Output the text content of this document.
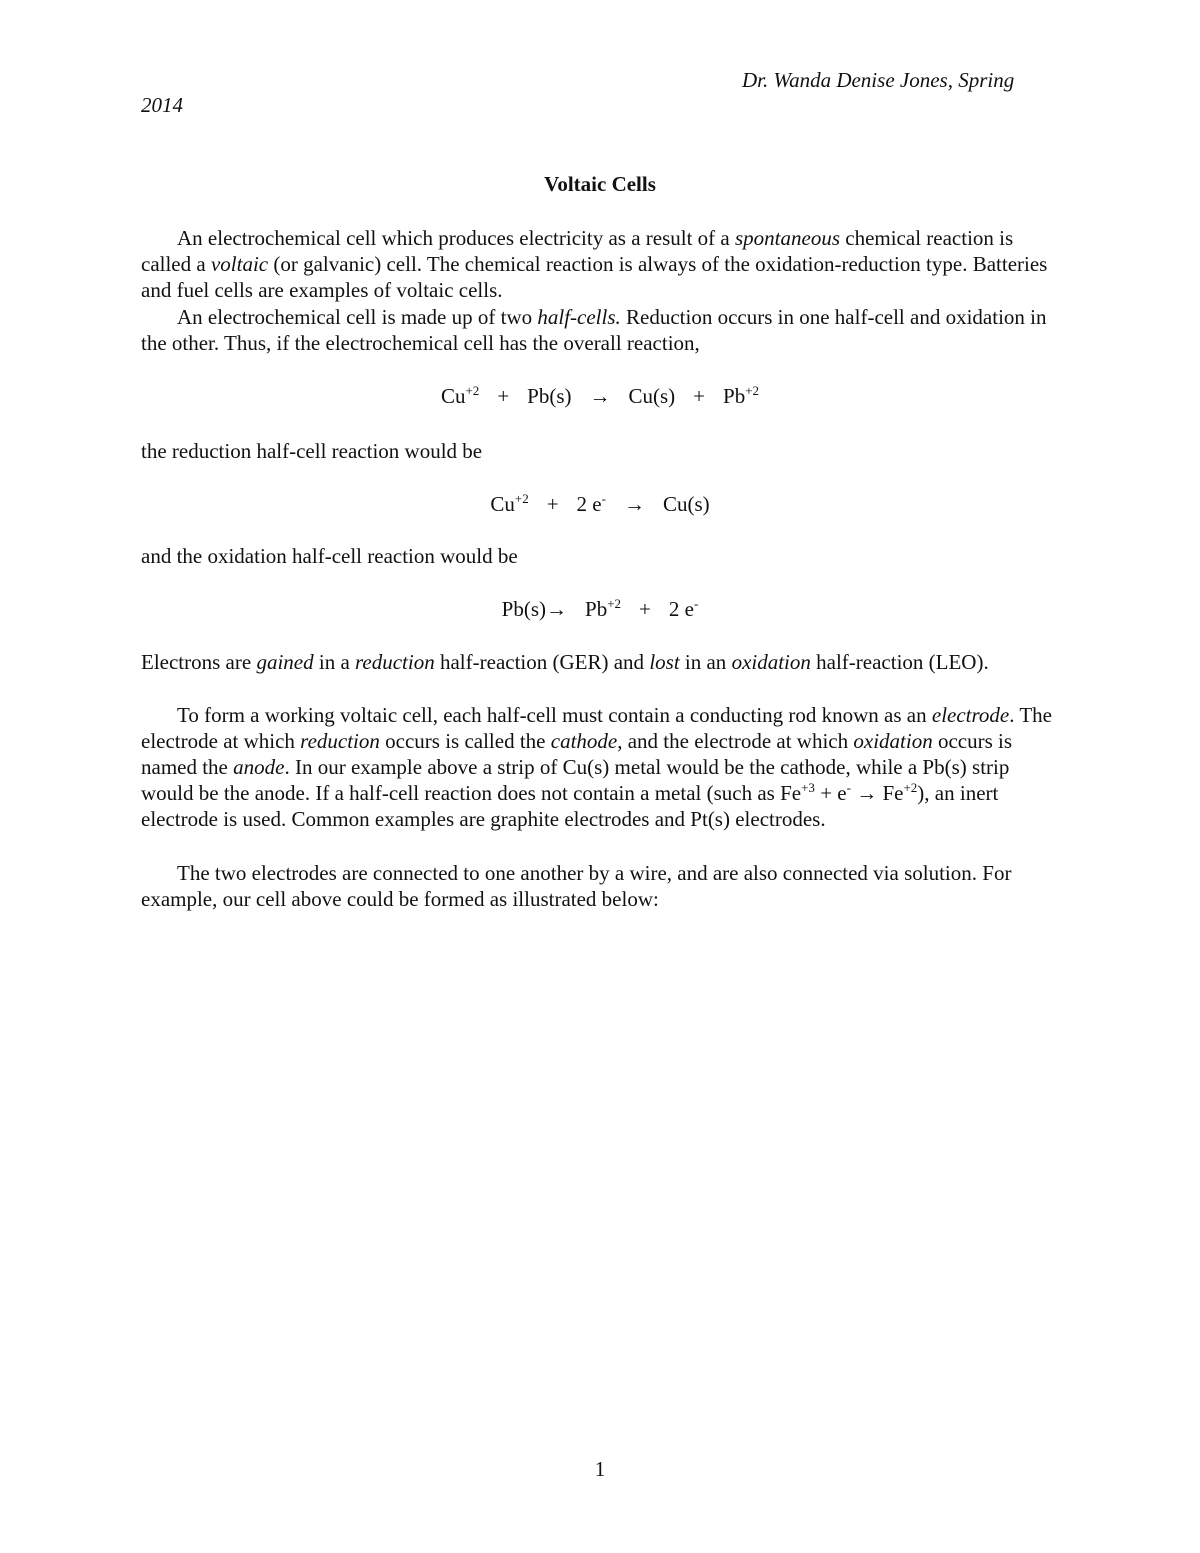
Dr. Wanda Denise Jones, Spring
2014
Voltaic Cells
An electrochemical cell which produces electricity as a result of a spontaneous chemical reaction is called a voltaic (or galvanic) cell. The chemical reaction is always of the oxidation-reduction type. Batteries and fuel cells are examples of voltaic cells.
An electrochemical cell is made up of two half-cells. Reduction occurs in one half-cell and oxidation in the other. Thus, if the electrochemical cell has the overall reaction,
$Cu^{+2} + Pb(s) \to Cu(s) + Pb^{+2}$
the reduction half-cell reaction would be
$Cu^{+2} + 2$ e- → Cu(s)
and the oxidation half-cell reaction would be
$Pb(s)\to Pb^{+2} + 2$ e-
Electrons are gained in a reduction half-reaction (GER) and lost in an oxidation half-reaction (LEO).
To form a working voltaic cell, each half-cell must contain a conducting rod known as an electrode. The electrode at which reduction occurs is called the cathode, and the electrode at which oxidation occurs is named the anode. In our example above a strip of Cu(s) metal would be the cathode, while a Pb(s) strip would be the anode. If a half-cell reaction does not contain a metal (such as $Fe^{+3} + e^- \to Fe^{+2}$), an inert electrode is used. Common examples are graphite electrodes and Pt(s) electrodes.
The two electrodes are connected to one another by a wire, and are also connected via solution. For example, our cell above could be formed as illustrated below:
1
